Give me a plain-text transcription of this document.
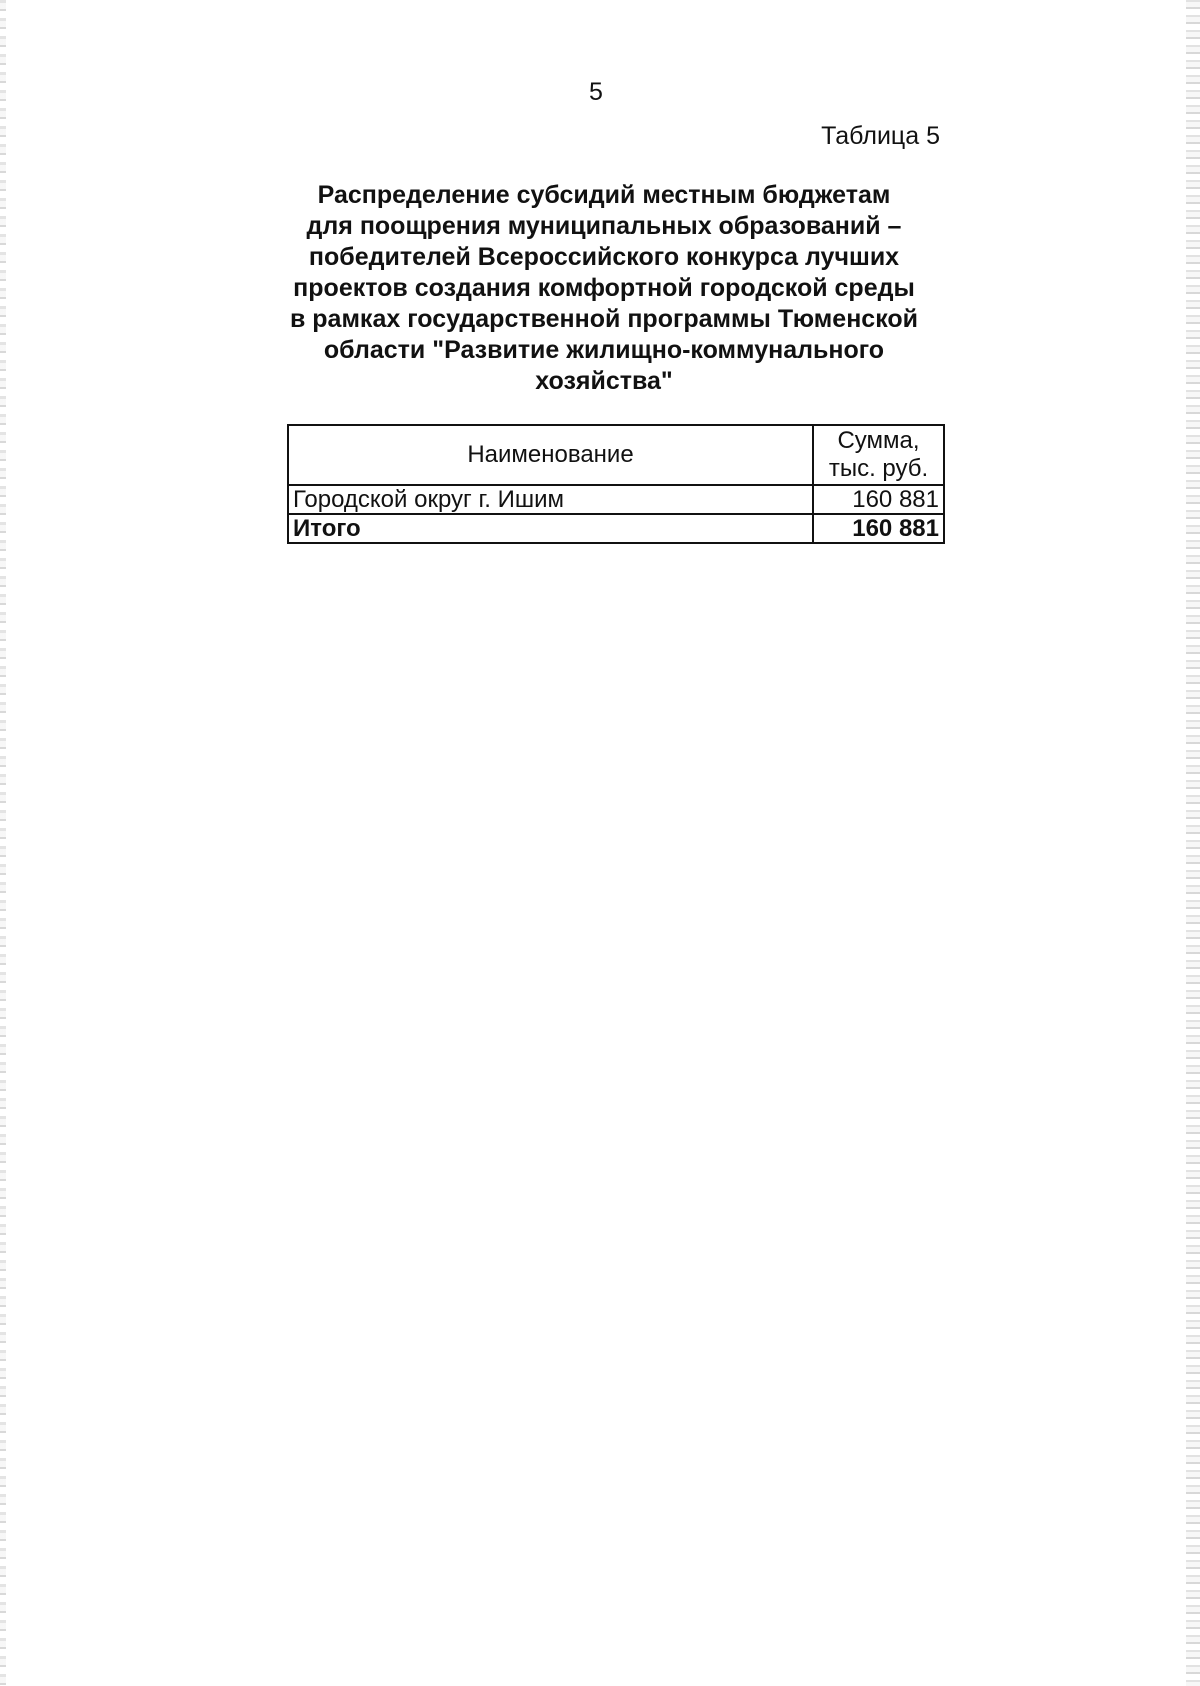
5
Таблица 5
Распределение субсидий местным бюджетам
для поощрения муниципальных образований –
победителей Всероссийского конкурса лучших
проектов создания комфортной городской среды
в рамках государственной программы Тюменской
области "Развитие жилищно-коммунального
хозяйства"
Наименование	Сумма,
тыс. руб.
Городской округ г. Ишим	160 881
Итого	160 881
